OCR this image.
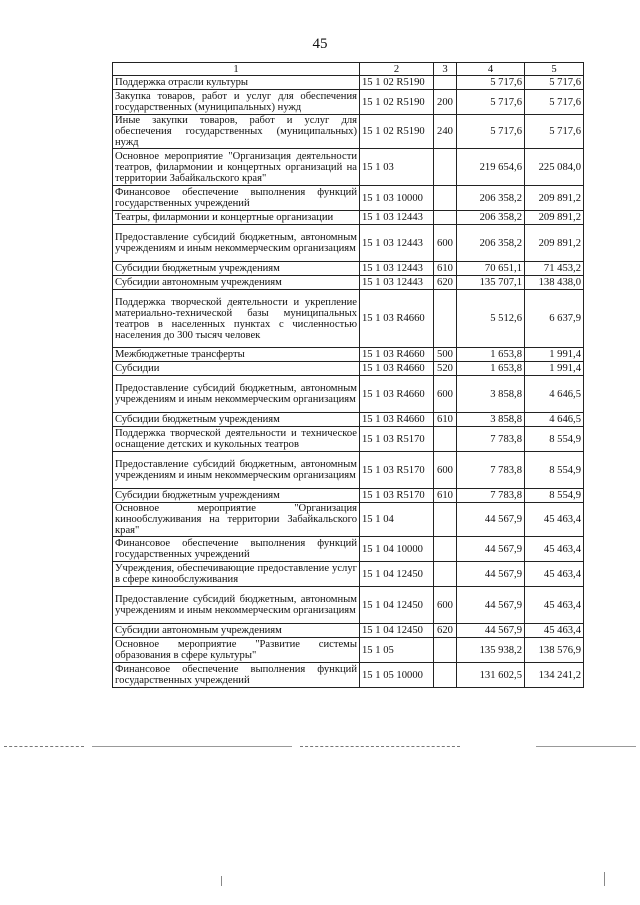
45
1	2	3	4	5
Поддержка отрасли культуры	15 1 02 R5190		5 717,6	5 717,6
Закупка товаров, работ и услуг для обеспечения государственных (муниципальных) нужд	15 1 02 R5190	200	5 717,6	5 717,6
Иные закупки товаров, работ и услуг для обеспечения государственных (муниципальных) нужд	15 1 02 R5190	240	5 717,6	5 717,6
Основное мероприятие "Организация деятельности театров, филармонии и концертных организаций на территории Забайкальского края"	15 1 03		219 654,6	225 084,0
Финансовое обеспечение выполнения функций государственных учреждений	15 1 03 10000		206 358,2	209 891,2
Театры, филармонии и концертные организации	15 1 03 12443		206 358,2	209 891,2
Предоставление субсидий бюджетным, автономным учреждениям и иным некоммерческим организациям	15 1 03 12443	600	206 358,2	209 891,2
Субсидии бюджетным учреждениям	15 1 03 12443	610	70 651,1	71 453,2
Субсидии автономным учреждениям	15 1 03 12443	620	135 707,1	138 438,0
Поддержка творческой деятельности и укрепление материально-технической базы муниципальных театров в населенных пунктах с численностью населения до 300 тысяч человек	15 1 03 R4660		5 512,6	6 637,9
Межбюджетные трансферты	15 1 03 R4660	500	1 653,8	1 991,4
Субсидии	15 1 03 R4660	520	1 653,8	1 991,4
Предоставление субсидий бюджетным, автономным учреждениям и иным некоммерческим организациям	15 1 03 R4660	600	3 858,8	4 646,5
Субсидии бюджетным учреждениям	15 1 03 R4660	610	3 858,8	4 646,5
Поддержка творческой деятельности и техническое оснащение детских и кукольных театров	15 1 03 R5170		7 783,8	8 554,9
Предоставление субсидий бюджетным, автономным учреждениям и иным некоммерческим организациям	15 1 03 R5170	600	7 783,8	8 554,9
Субсидии бюджетным учреждениям	15 1 03 R5170	610	7 783,8	8 554,9
Основное мероприятие "Организация кинообслуживания на территории Забайкальского края"	15 1 04		44 567,9	45 463,4
Финансовое обеспечение выполнения функций государственных учреждений	15 1 04 10000		44 567,9	45 463,4
Учреждения, обеспечивающие предоставление услуг в сфере кинообслуживания	15 1 04 12450		44 567,9	45 463,4
Предоставление субсидий бюджетным, автономным учреждениям и иным некоммерческим организациям	15 1 04 12450	600	44 567,9	45 463,4
Субсидии автономным учреждениям	15 1 04 12450	620	44 567,9	45 463,4
Основное мероприятие "Развитие системы образования в сфере культуры"	15 1 05		135 938,2	138 576,9
Финансовое обеспечение выполнения функций государственных учреждений	15 1 05 10000		131 602,5	134 241,2
